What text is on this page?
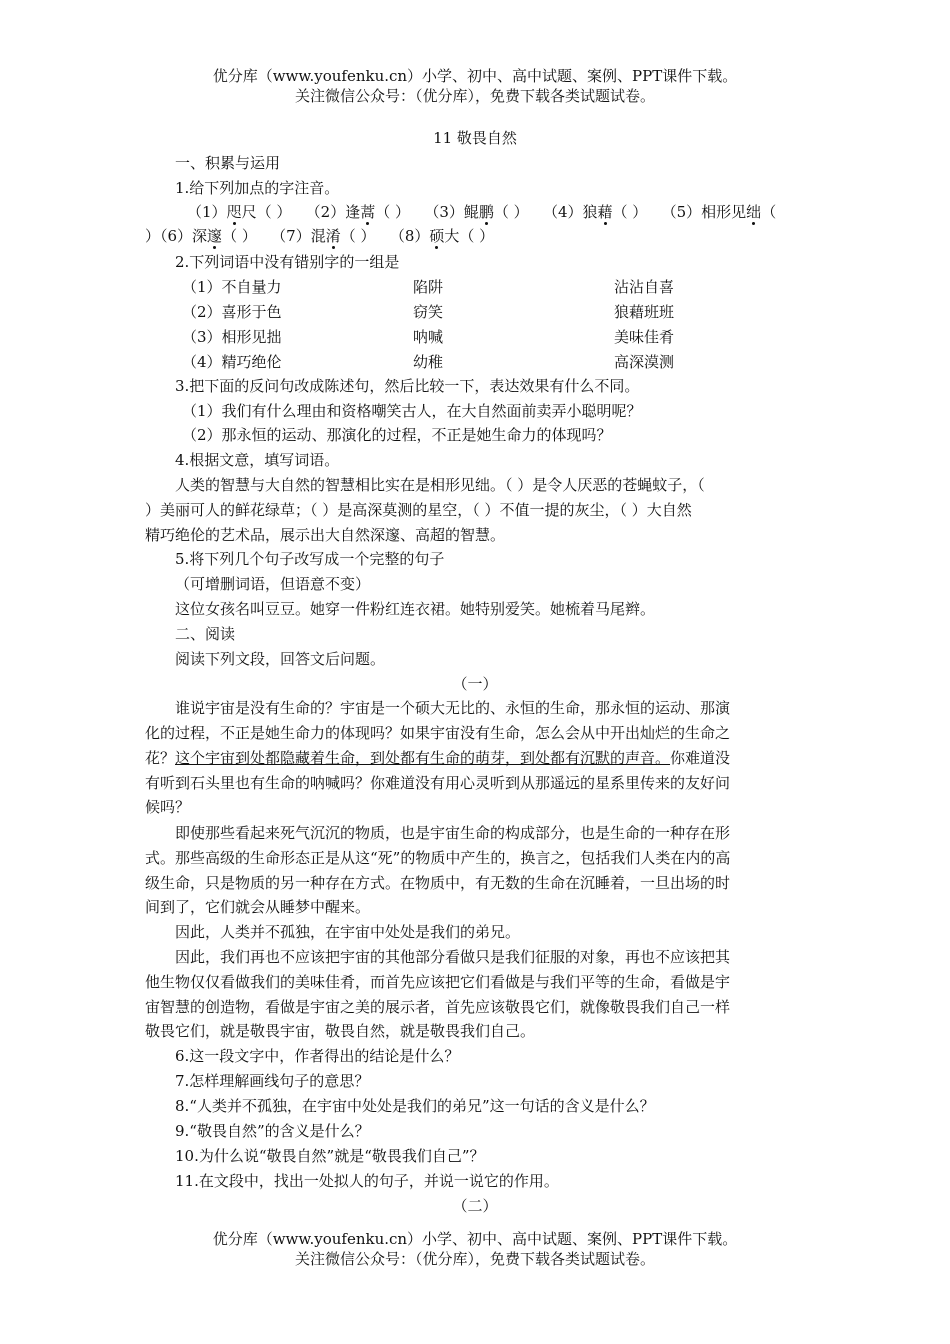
优分库（www.youfenku.cn）小学、初中、高中试题、案例、PPT课件下载。
关注微信公众号：（优分库），免费下载各类试题试卷。
11 敬畏自然
一、积累与运用
1.给下列加点的字注音。
（1）咫尺（ ） （2）逢蒿（ ） （3）鲲鹏（ ） （4）狼藉（ ） （5）相形见绌（
）（6）深邃（ ） （7）混淆（ ） （8）硕大（ ）
2.下列词语中没有错别字的一组是
（1）不自量力	陷阱	沾沾自喜
（2）喜形于色	窃笑	狼藉班班
（3）相形见拙	呐喊	美味佳肴
（4）精巧绝伦	幼稚	高深漠测
3.把下面的反问句改成陈述句，然后比较一下，表达效果有什么不同。
（1）我们有什么理由和资格嘲笑古人，在大自然面前卖弄小聪明呢？
（2）那永恒的运动、那演化的过程，不正是她生命力的体现吗？
4.根据文意，填写词语。
人类的智慧与大自然的智慧相比实在是相形见绌。（ ）是令人厌恶的苍蝇蚊子，（
）美丽可人的鲜花绿草；（ ）是高深莫测的星空，（ ）不值一提的灰尘，（ ）大自然
精巧绝伦的艺术品，展示出大自然深邃、高超的智慧。
5.将下列几个句子改写成一个完整的句子
（可增删词语，但语意不变）
这位女孩名叫豆豆。她穿一件粉红连衣裙。她特别爱笑。她梳着马尾辫。
二、阅读
阅读下列文段，回答文后问题。
（一）
谁说宇宙是没有生命的？宇宙是一个硕大无比的、永恒的生命，那永恒的运动、那演
化的过程，不正是她生命力的体现吗？如果宇宙没有生命，怎么会从中开出灿烂的生命之
花？这个宇宙到处都隐藏着生命，到处都有生命的萌芽，到处都有沉默的声音。你难道没
有听到石头里也有生命的呐喊吗？你难道没有用心灵听到从那遥远的星系里传来的友好问
候吗？
即使那些看起来死气沉沉的物质，也是宇宙生命的构成部分，也是生命的一种存在形
式。那些高级的生命形态正是从这“死”的物质中产生的，换言之，包括我们人类在内的高
级生命，只是物质的另一种存在方式。在物质中，有无数的生命在沉睡着，一旦出场的时
间到了，它们就会从睡梦中醒来。
因此，人类并不孤独，在宇宙中处处是我们的弟兄。
因此，我们再也不应该把宇宙的其他部分看做只是我们征服的对象，再也不应该把其
他生物仅仅看做我们的美味佳肴，而首先应该把它们看做是与我们平等的生命，看做是宇
宙智慧的创造物，看做是宇宙之美的展示者，首先应该敬畏它们，就像敬畏我们自己一样
敬畏它们，就是敬畏宇宙，敬畏自然，就是敬畏我们自己。
6.这一段文字中，作者得出的结论是什么？
7.怎样理解画线句子的意思？
8.“人类并不孤独，在宇宙中处处是我们的弟兄”这一句话的含义是什么？
9.“敬畏自然”的含义是什么？
10.为什么说“敬畏自然”就是“敬畏我们自己”？
11.在文段中，找出一处拟人的句子，并说一说它的作用。
（二）
优分库（www.youfenku.cn）小学、初中、高中试题、案例、PPT课件下载。
关注微信公众号：（优分库），免费下载各类试题试卷。
